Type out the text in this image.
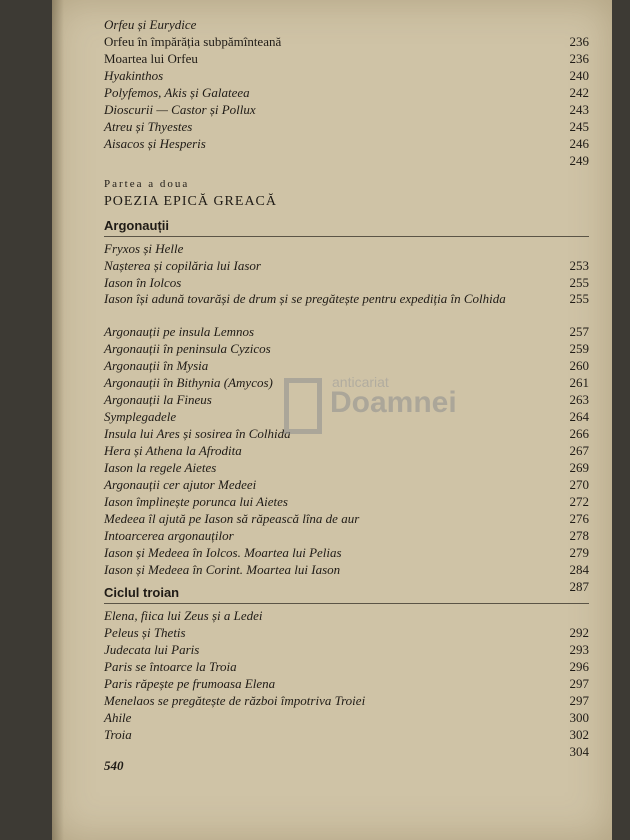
Orfeu și Eurydice
Orfeu în împărăția subpămînteană	236
Moartea lui Orfeu	236
Hyakinthos	240
Polyfemos, Akis și Galateea	242
Dioscurii — Castor și Pollux	243
Atreu și Thyestes	245
Aisacos și Hesperis	246
249
Partea a doua
POEZIA EPICĂ GREACĂ
Argonauții
Fryxos și Helle
Nașterea și copilăria lui Iasor	253
Iason în Iolcos	255
Iason își adună tovarăși de drum și se pregătește pentru expediția în Colhida	255
Argonauții pe insula Lemnos	257
Argonauții în peninsula Cyzicos	259
Argonauții în Mysia	260
Argonauții în Bithynia (Amycos)	261
Argonauții la Fineus	263
Symplegadele	264
Insula lui Ares și sosirea în Colhida	266
Hera și Athena la Afrodita	267
Iason la regele Aietes	269
Argonauții cer ajutor Medeei	270
Iason împlinește porunca lui Aietes	272
Medeea îl ajută pe Iason să răpească lîna de aur	276
Intoarcerea argonauților	278
Iason și Medeea în Iolcos. Moartea lui Pelias	279
Iason și Medeea în Corint. Moartea lui Iason	284
287
Ciclul troian
Elena, fiica lui Zeus și a Ledei
Peleus și Thetis	292
Judecata lui Paris	293
Paris se întoarce la Troia	296
Paris răpește pe frumoasa Elena	297
Menelaos se pregătește de război împotriva Troiei	297
Ahile	300
Troia	302
304
540
anticariat
Doamnei
